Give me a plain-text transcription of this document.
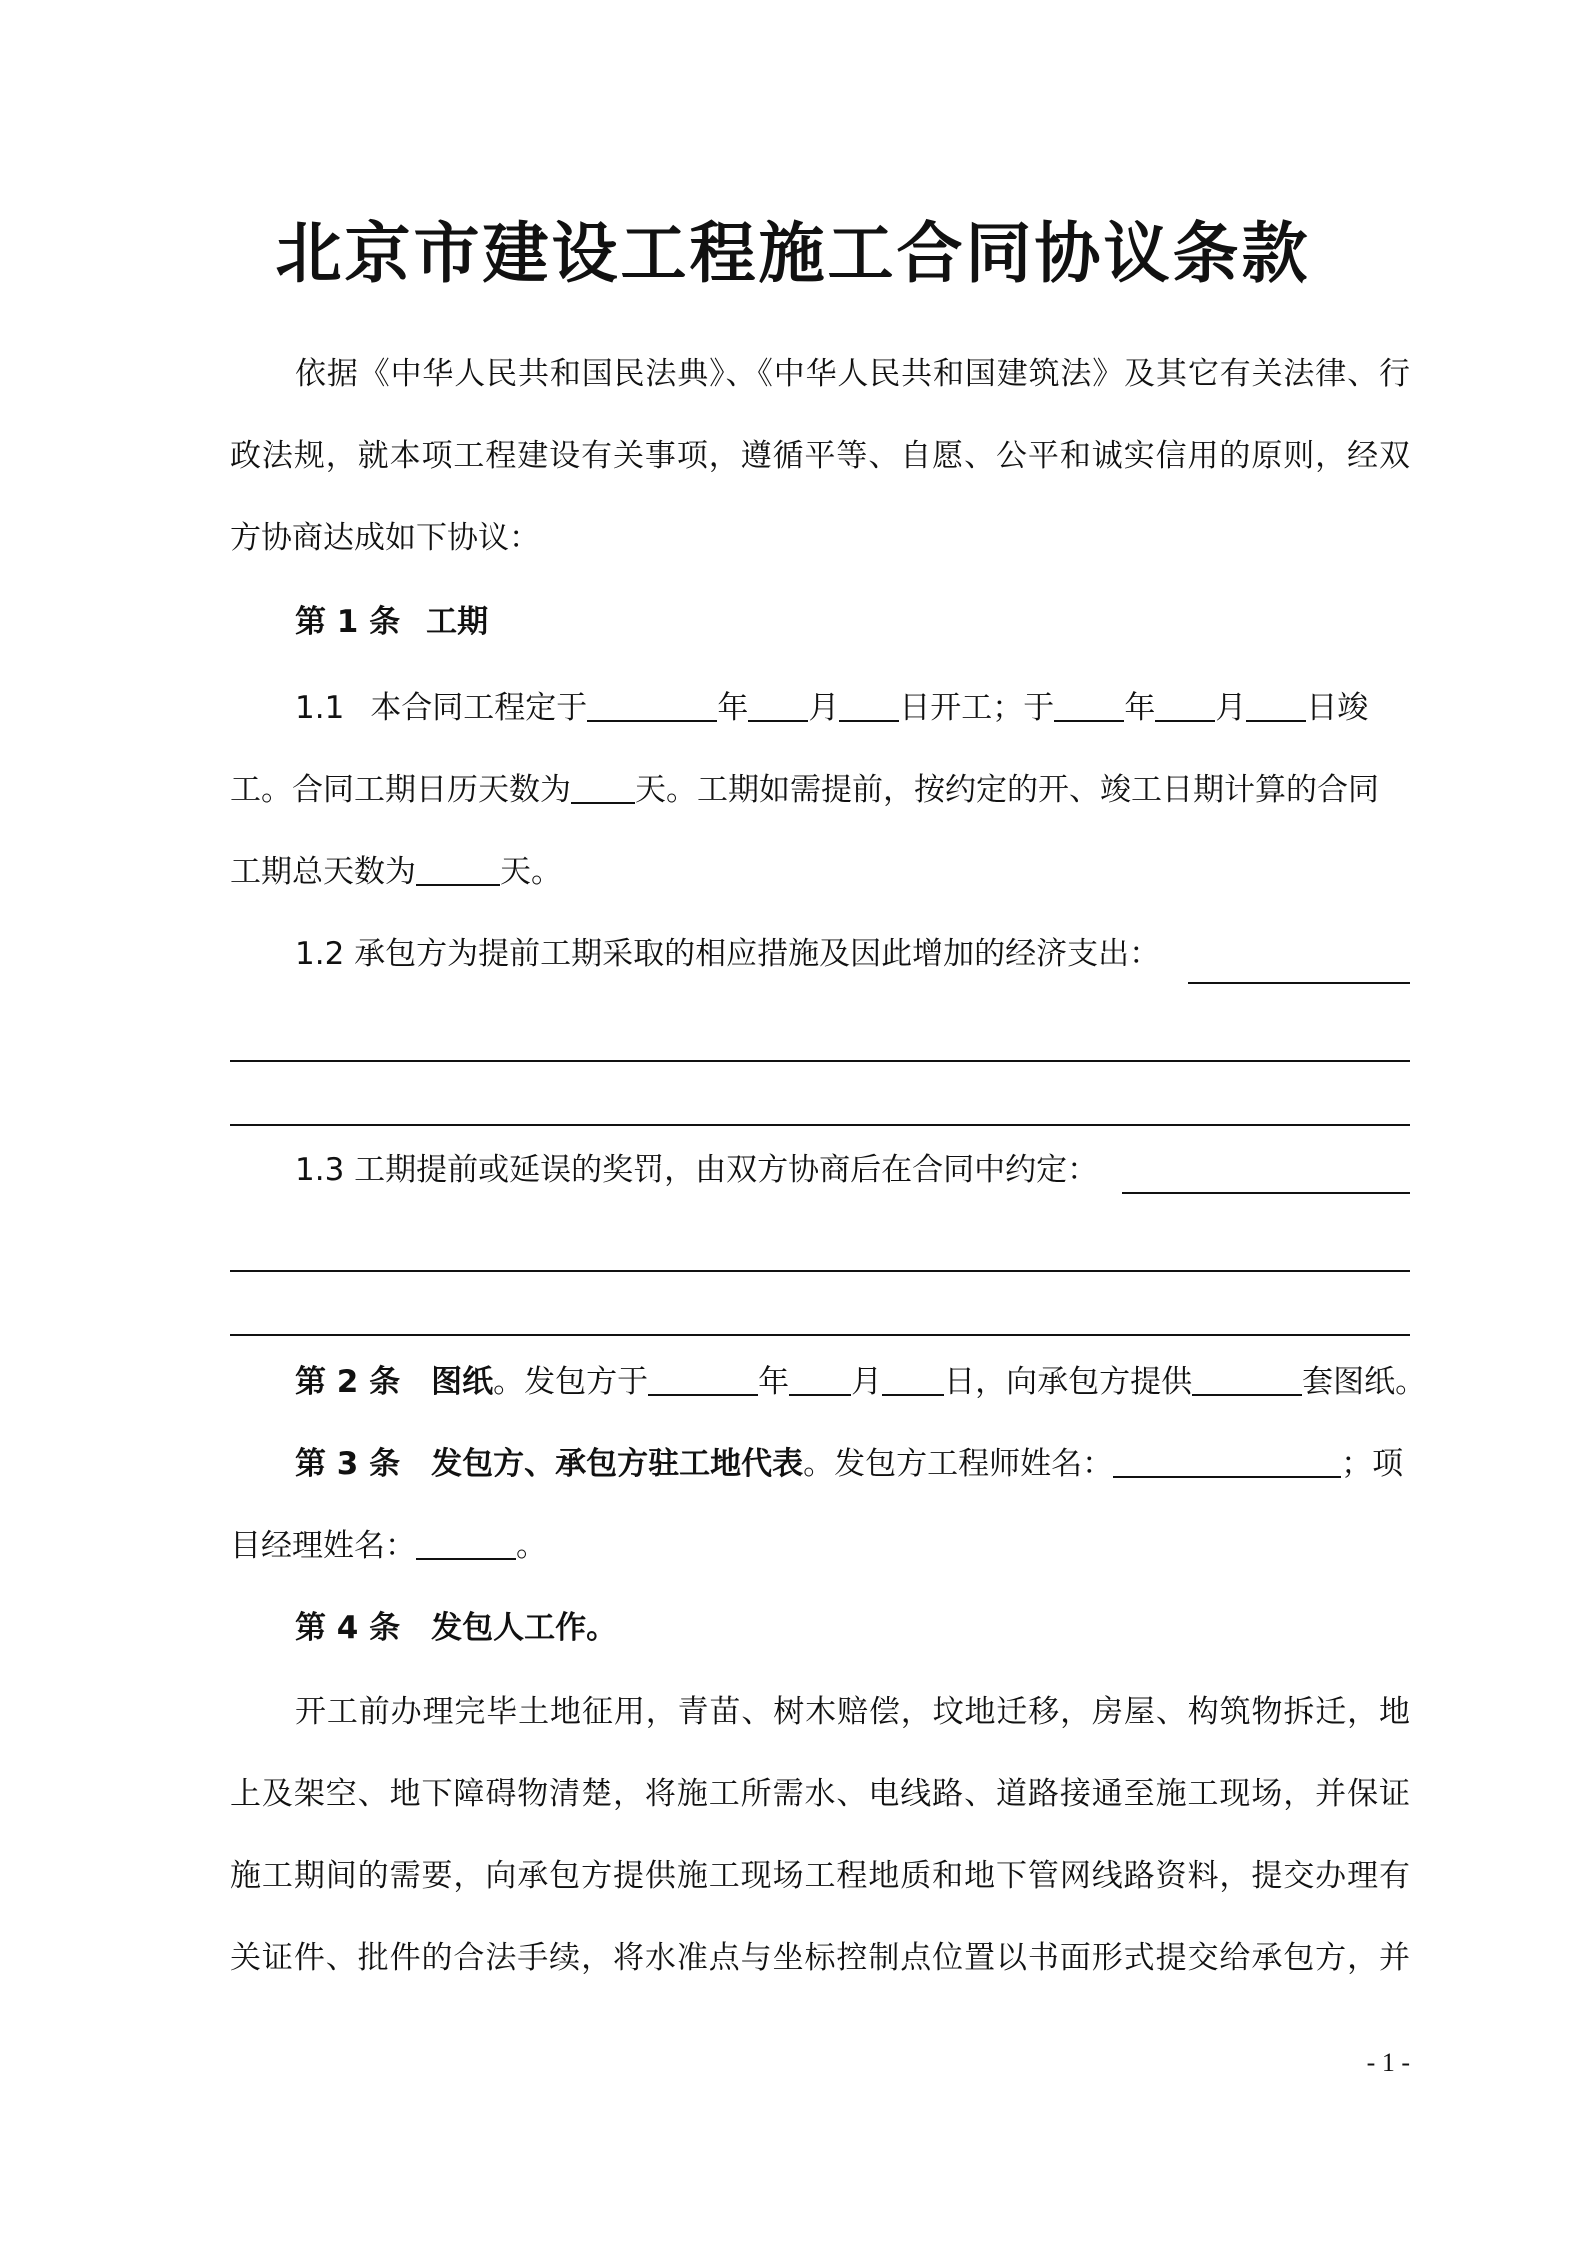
北京市建设工程施工合同协议条款
依据《中华人民共和国民法典》、《中华人民共和国建筑法》及其它有关法律、行
政法规，就本项工程建设有关事项，遵循平等、自愿、公平和诚实信用的原则，经双
方协商达成如下协议：
第 1 条 工期
1.1 本合同工程定于	年 月 日开工；于 年 月 日竣
工。合同工期日历天数为 天。工期如需提前，按约定的开、竣工日期计算的合同
工期总天数为	天。
1.2 承包方为提前工期采取的相应措施及因此增加的经济支出：
1.3 工期提前或延误的奖罚，由双方协商后在合同中约定：
第 2 条　图纸。发包方于	年 月 日，向承包方提供	套图纸。
第 3 条　发包方、承包方驻工地代表。发包方工程师姓名：	；项
目经理姓名：	。
第 4 条　发包人工作。
开工前办理完毕土地征用，青苗、树木赔偿，坟地迁移，房屋、构筑物拆迁，地
上及架空、地下障碍物清楚，将施工所需水、电线路、道路接通至施工现场，并保证
施工期间的需要，向承包方提供施工现场工程地质和地下管网线路资料，提交办理有
关证件、批件的合法手续，将水准点与坐标控制点位置以书面形式提交给承包方，并
- 1 -
